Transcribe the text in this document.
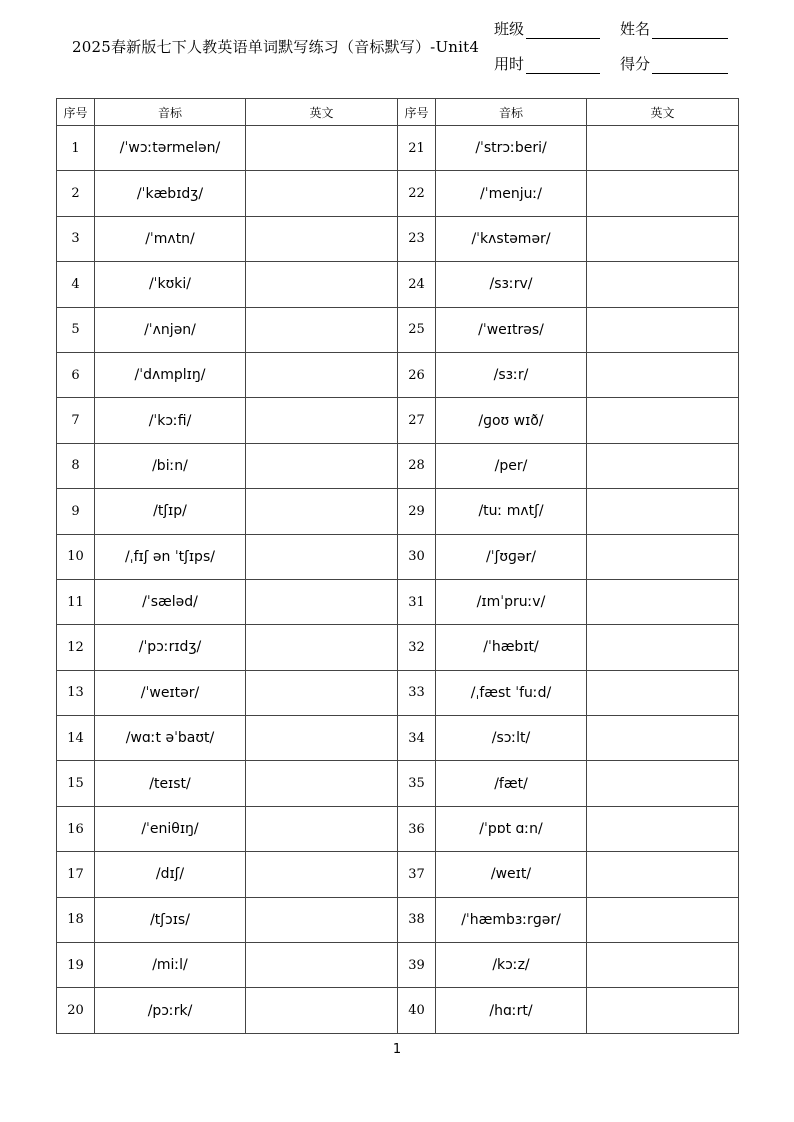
2025春新版七下人教英语单词默写练习（音标默写）-Unit4
班级	姓名
用时	得分
序号	音标	英文	序号	音标	英文
1	/ˈwɔːtərmelən/		21	/ˈstrɔːberi/	
2	/ˈkæbɪdʒ/		22	/ˈmenjuː/	
3	/ˈmʌtn/		23	/ˈkʌstəmər/	
4	/ˈkʊki/		24	/sɜːrv/	
5	/ˈʌnjən/		25	/ˈweɪtrəs/	
6	/ˈdʌmplɪŋ/		26	/sɜːr/	
7	/ˈkɔːfi/		27	/ɡoʊ wɪð/	
8	/biːn/		28	/per/	
9	/tʃɪp/		29	/tuː mʌtʃ/	
10	/ˌfɪʃ ən ˈtʃɪps/		30	/ˈʃʊɡər/	
11	/ˈsæləd/		31	/ɪmˈpruːv/	
12	/ˈpɔːrɪdʒ/		32	/ˈhæbɪt/	
13	/ˈweɪtər/		33	/ˌfæst ˈfuːd/	
14	/wɑːt əˈbaʊt/		34	/sɔːlt/	
15	/teɪst/		35	/fæt/	
16	/ˈeniθɪŋ/		36	/ˈpɒt ɑːn/	
17	/dɪʃ/		37	/weɪt/	
18	/tʃɔɪs/		38	/ˈhæmbɜːrɡər/	
19	/miːl/		39	/kɔːz/	
20	/pɔːrk/		40	/hɑːrt/	
1
